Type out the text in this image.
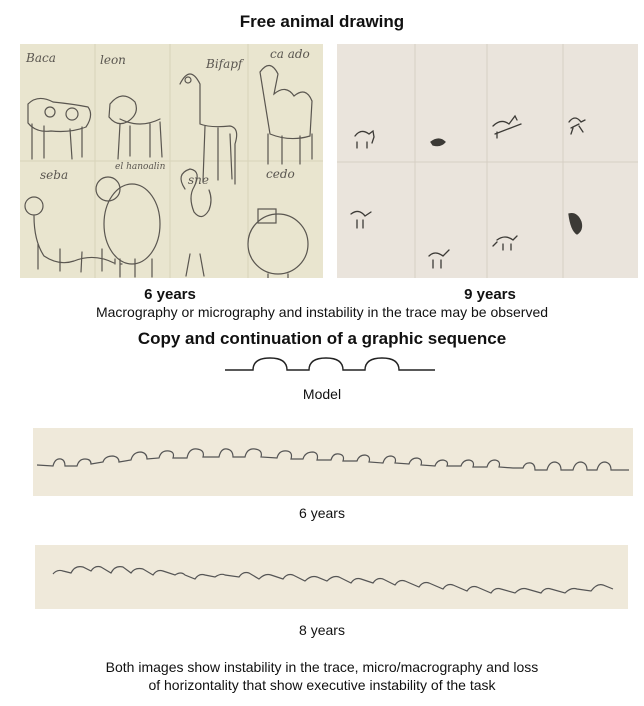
Free animal drawing
Baca	leon	Bifapf
ca ado
seba
el hanoalin
sne	cedo
6 years	9 years
Macrography or micrography and instability in the trace may be observed
Copy and continuation of a graphic sequence
Model
6 years
8 years
Both images show instability in the trace, micro/macrography and loss
of horizontality that show executive instability of the task
